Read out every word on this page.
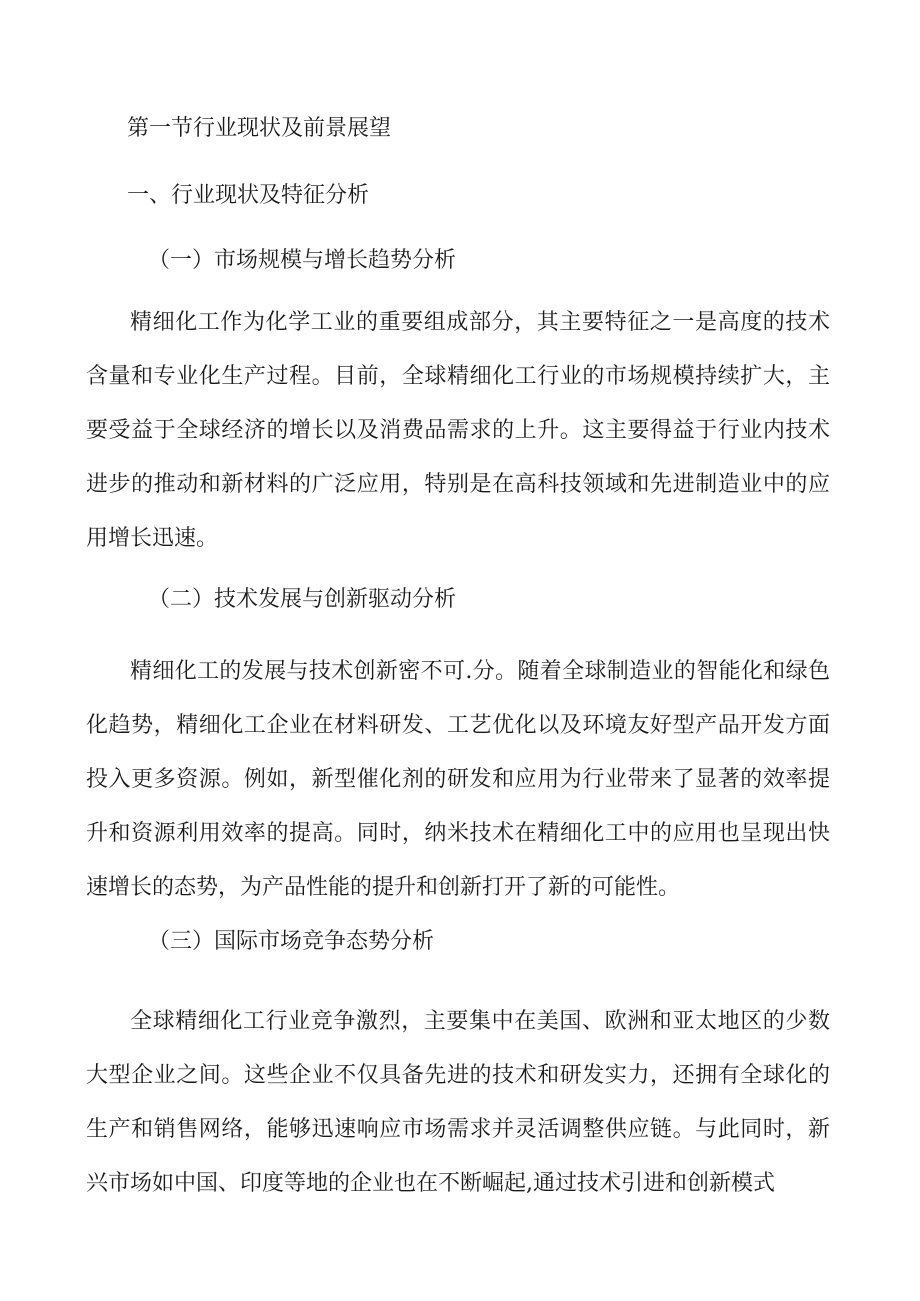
第一节行业现状及前景展望
一、行业现状及特征分析
（一）市场规模与增长趋势分析

精细化工作为化学工业的重要组成部分，其主要特征之一是高度的技术含量和专业化生产过程。目前，全球精细化工行业的市场规模持续扩大，主要受益于全球经济的增长以及消费品需求的上升。这主要得益于行业内技术进步的推动和新材料的广泛应用，特别是在高科技领域和先进制造业中的应用增长迅速。

（二）技术发展与创新驱动分析

精细化工的发展与技术创新密不可.分。随着全球制造业的智能化和绿色化趋势，精细化工企业在材料研发、工艺优化以及环境友好型产品开发方面投入更多资源。例如，新型催化剂的研发和应用为行业带来了显著的效率提升和资源利用效率的提高。同时，纳米技术在精细化工中的应用也呈现出快速增长的态势，为产品性能的提升和创新打开了新的可能性。

（三）国际市场竞争态势分析

全球精细化工行业竞争激烈，主要集中在美国、欧洲和亚太地区的少数大型企业之间。这些企业不仅具备先进的技术和研发实力，还拥有全球化的生产和销售网络，能够迅速响应市场需求并灵活调整供应链。与此同时，新兴市场如中国、印度等地的企业也在不断崛起,通过技术引进和创新模式
